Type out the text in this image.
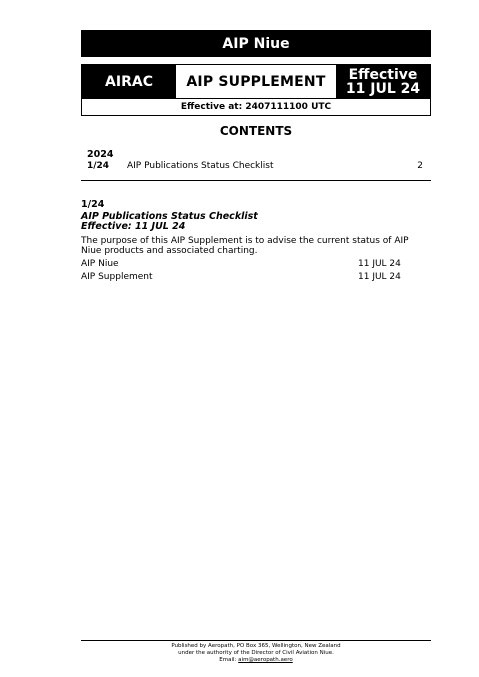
AIP Niue
AIRAC	AIP SUPPLEMENT	Effective
11 JUL 24
Effective at: 2407111100 UTC
CONTENTS
2024
1/24 AIP Publications Status Checklist	2
1/24
AIP Publications Status Checklist
Effective: 11 JUL 24
The purpose of this AIP Supplement is to advise the current status of AIP Niue products and associated charting.
AIP Niue	11 JUL 24
AIP Supplement	11 JUL 24
Published by Aeropath, PO Box 365, Wellington, New Zealand
under the authority of the Director of Civil Aviation Niue.
Email: aim@aeropath.aero
